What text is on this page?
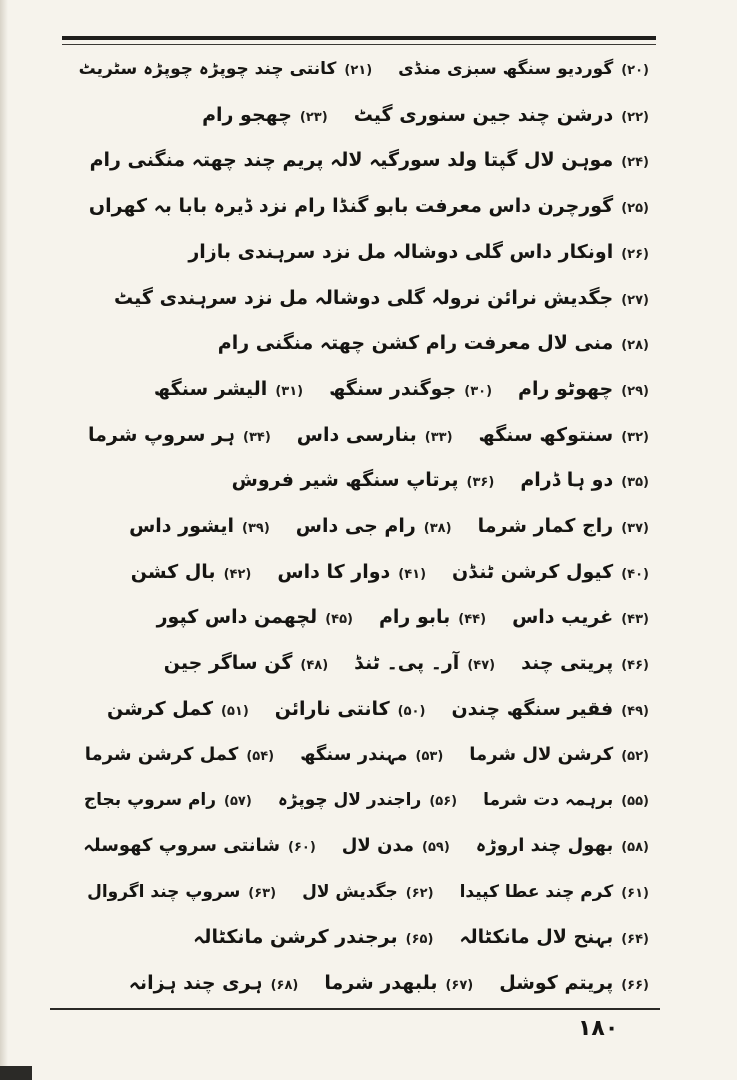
(۲۰)گوردیو سنگھ سبزی منڈی(۲۱)کانتی چند چوپڑہ چوپڑہ سٹریٹ
(۲۲)درشن چند جین سنوری گیٹ(۲۳)چھجو رام
(۲۴)موہن لال گپتا ولد سورگیہ لالہ پریم چند چھتہ منگنی رام
(۲۵)گورچرن داس معرفت بابو گنڈا رام نزد ڈیرہ بابا بہ کھراں
(۲۶)اونکار داس گلی دوشالہ مل نزد سرہندی بازار
(۲۷)جگدیش نرائن نرولہ گلی دوشالہ مل نزد سرہندی گیٹ
(۲۸)منی لال معرفت رام کشن چھتہ منگنی رام
(۲۹)چھوٹو رام(۳۰)جوگندر سنگھ(۳۱)الیشر سنگھ
(۳۲)سنتوکھ سنگھ(۳۳)بنارسی داس(۳۴)ہر سروپ شرما
(۳۵)دو ہا ڈرام(۳۶)پرتاپ سنگھ شیر فروش
(۳۷)راج کمار شرما(۳۸)رام جی داس(۳۹)ایشور داس
(۴۰)کیول کرشن ٹنڈن(۴۱)دوار کا داس(۴۲)بال کشن
(۴۳)غریب داس(۴۴)بابو رام(۴۵)لچھمن داس کپور
(۴۶)پریتی چند(۴۷)آر۔ پی۔ ٹنڈ(۴۸)گن ساگر جین
(۴۹)فقیر سنگھ چندن(۵۰)کانتی نارائن(۵۱)کمل کرشن
(۵۲)کرشن لال شرما(۵۳)مہندر سنگھ(۵۴)کمل کرشن شرما
(۵۵)برہمہ دت شرما(۵۶)راجندر لال چوپڑہ(۵۷)رام سروپ بجاج
(۵۸)بھول چند اروڑہ(۵۹)مدن لال(۶۰)شانتی سروپ کھوسلہ
(۶۱)کرم چند عطا کپیدا(۶۲)جگدیش لال(۶۳)سروپ چند اگروال
(۶۴)بہنح لال مانکٹالہ(۶۵)برجندر کرشن مانکٹالہ
(۶۶)پریتم کوشل(۶۷)بلبھدر شرما(۶۸)ہری چند ہزانہ
۱۸۰
